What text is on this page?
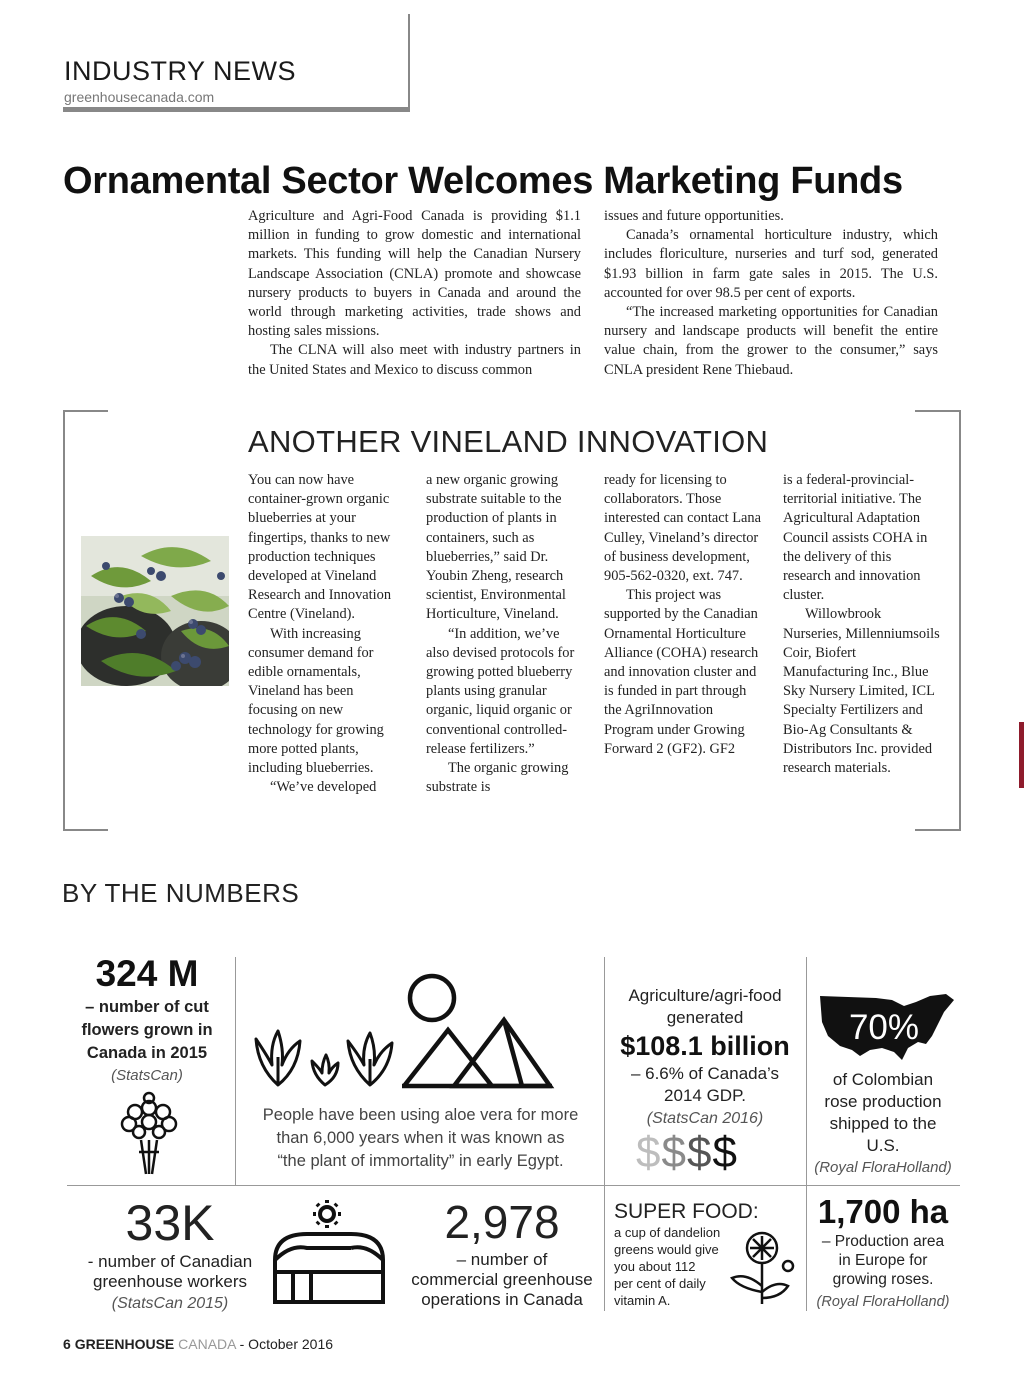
INDUSTRY NEWS
greenhousecanada.com
Ornamental Sector Welcomes Marketing Funds

Agriculture and Agri-Food Canada is providing $1.1 million in funding to grow domestic and international markets. This funding will help the Canadian Nursery Landscape Association (CNLA) promote and showcase nursery products to buyers in Canada and around the world through marketing activities, trade shows and hosting sales missions.

The CLNA will also meet with industry partners in the United States and Mexico to discuss common

issues and future opportunities.

Canada’s ornamental horticulture industry, which includes floriculture, nurseries and turf sod, generated $1.93 billion in farm gate sales in 2015. The U.S. accounted for over 98.5 per cent of exports.

“The increased marketing opportunities for Canadian nursery and landscape products will benefit the entire value chain, from the grower to the consumer,” says CNLA president Rene Thiebaud.

ANOTHER VINELAND INNOVATION

You can now have container-grown organic blueberries at your fingertips, thanks to new production techniques developed at Vineland Research and Innovation Centre (Vineland).

With increasing consumer demand for edible ornamentals, Vineland has been focusing on new technology for growing more potted plants, including blueberries.

“We’ve developed

a new organic growing substrate suitable to the production of plants in containers, such as blueberries,” said Dr. Youbin Zheng, research scientist, Environmental Horticulture, Vineland.

“In addition, we’ve also devised protocols for growing potted blueberry plants using granular organic, liquid organic or conventional controlled-release fertilizers.”

The organic growing substrate is

ready for licensing to collaborators. Those interested can contact Lana Culley, Vineland’s director of business development, 905-562-0320, ext. 747.

This project was supported by the Canadian Ornamental Horticulture Alliance (COHA) research and innovation cluster and is funded in part through the AgriInnovation Program under Growing Forward 2 (GF2). GF2

is a federal-provincial-territorial initiative. The Agricultural Adaptation Council assists COHA in the delivery of this research and innovation cluster.

Willowbrook Nurseries, Millenniumsoils Coir, Biofert Manufacturing Inc., Blue Sky Nursery Limited, ICL Specialty Fertilizers and Bio-Ag Consultants & Distributors Inc. provided research materials.

BY THE NUMBERS
324 M
– number of cut
flowers grown in
Canada in 2015
(StatsCan)
People have been using aloe vera for more
than 6,000 years when it was known as
“the plant of immortality” in early Egypt.
Agriculture/agri-food
generated
$108.1 billion
– 6.6% of Canada’s
2014 GDP.
(StatsCan 2016)
$$$$
70%
of Colombian
rose production
shipped to the
U.S.
(Royal FloraHolland)
33K
- number of Canadian
greenhouse workers
(StatsCan 2015)
2,978
– number of
commercial greenhouse
operations in Canada
SUPER FOOD:
a cup of dandelion
greens would give
you about 112
per cent of daily
vitamin A.
1,700 ha
– Production area
in Europe for
growing roses.
(Royal FloraHolland)
6 GREENHOUSE CANADA - October 2016
